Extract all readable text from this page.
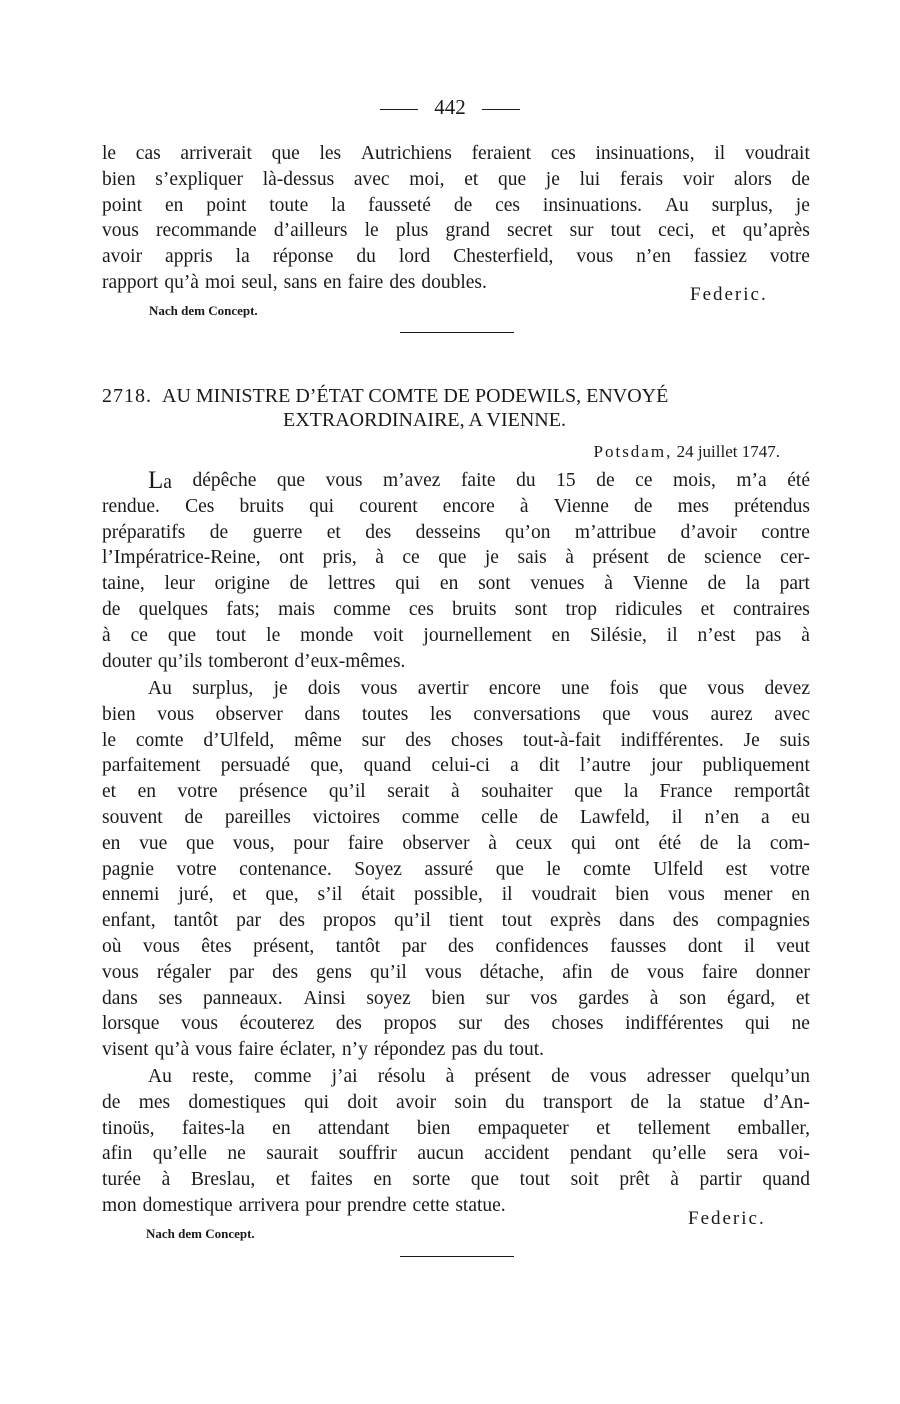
442
le cas arriverait que les Autrichiens feraient ces insinuations, il voudrait
bien s’expliquer là-dessus avec moi, et que je lui ferais voir alors de
point en point toute la fausseté de ces insinuations. Au surplus, je
vous recommande d’ailleurs le plus grand secret sur tout ceci, et qu’après
avoir appris la réponse du lord Chesterfield, vous n’en fassiez votre
rapport qu’à moi seul, sans en faire des doubles.
Federic.
Nach dem Concept.
2718. AU MINISTRE D’ÉTAT COMTE DE PODEWILS, ENVOYÉ
EXTRAORDINAIRE, A VIENNE.
Potsdam, 24 juillet 1747.
La dépêche que vous m’avez faite du 15 de ce mois, m’a été
rendue. Ces bruits qui courent encore à Vienne de mes prétendus
préparatifs de guerre et des desseins qu’on m’attribue d’avoir contre
l’Impératrice-Reine, ont pris, à ce que je sais à présent de science cer-
taine, leur origine de lettres qui en sont venues à Vienne de la part
de quelques fats; mais comme ces bruits sont trop ridicules et contraires
à ce que tout le monde voit journellement en Silésie, il n’est pas à
douter qu’ils tomberont d’eux-mêmes.
Au surplus, je dois vous avertir encore une fois que vous devez
bien vous observer dans toutes les conversations que vous aurez avec
le comte d’Ulfeld, même sur des choses tout-à-fait indifférentes. Je suis
parfaitement persuadé que, quand celui-ci a dit l’autre jour publiquement
et en votre présence qu’il serait à souhaiter que la France remportât
souvent de pareilles victoires comme celle de Lawfeld, il n’en a eu
en vue que vous, pour faire observer à ceux qui ont été de la com-
pagnie votre contenance. Soyez assuré que le comte Ulfeld est votre
ennemi juré, et que, s’il était possible, il voudrait bien vous mener en
enfant, tantôt par des propos qu’il tient tout exprès dans des compagnies
où vous êtes présent, tantôt par des confidences fausses dont il veut
vous régaler par des gens qu’il vous détache, afin de vous faire donner
dans ses panneaux. Ainsi soyez bien sur vos gardes à son égard, et
lorsque vous écouterez des propos sur des choses indifférentes qui ne
visent qu’à vous faire éclater, n’y répondez pas du tout.
Au reste, comme j’ai résolu à présent de vous adresser quelqu’un
de mes domestiques qui doit avoir soin du transport de la statue d’An-
tinoüs, faites-la en attendant bien empaqueter et tellement emballer,
afin qu’elle ne saurait souffrir aucun accident pendant qu’elle sera voi-
turée à Breslau, et faites en sorte que tout soit prêt à partir quand
mon domestique arrivera pour prendre cette statue.
Federic.
Nach dem Concept.
